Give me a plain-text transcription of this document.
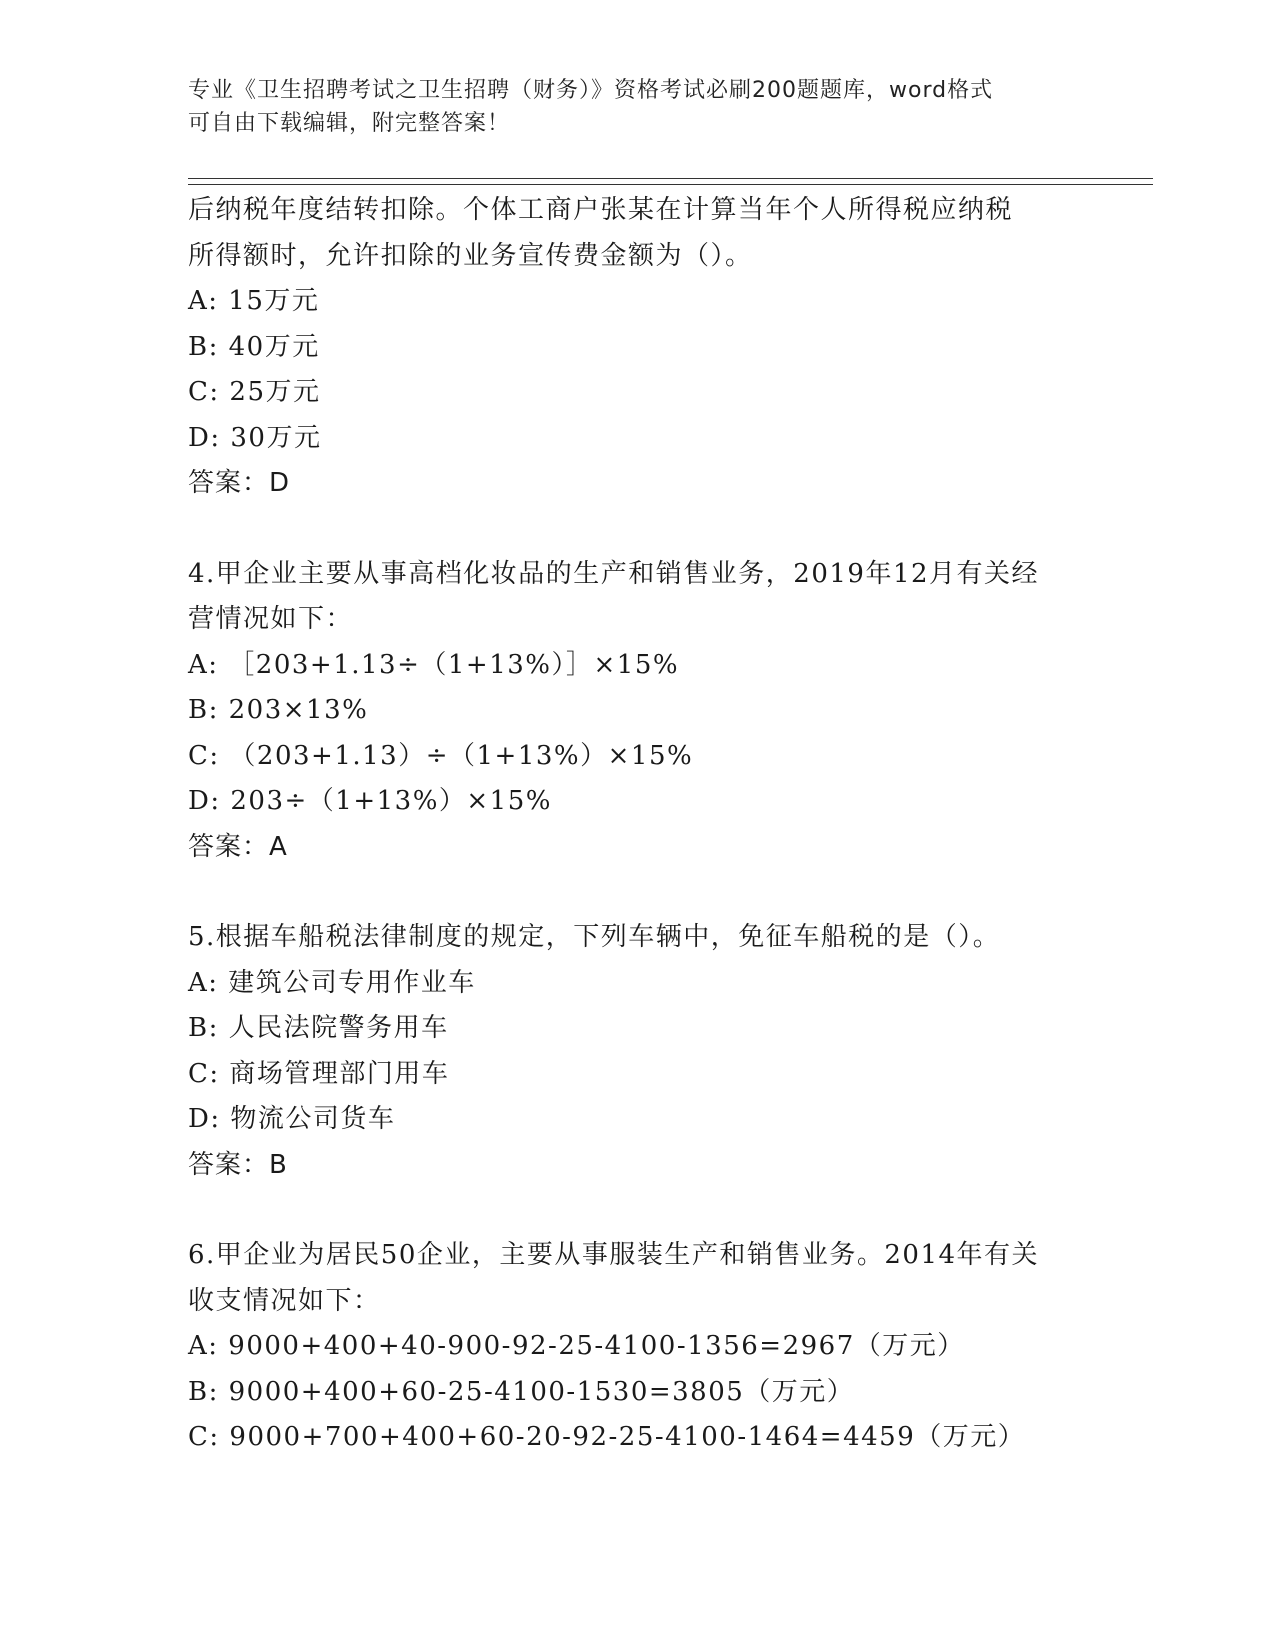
专业《卫生招聘考试之卫生招聘（财务）》资格考试必刷200题题库，word格式
可自由下载编辑，附完整答案！
后纳税年度结转扣除。个体工商户张某在计算当年个人所得税应纳税
所得额时，允许扣除的业务宣传费金额为（）。
A: 15万元
B: 40万元
C: 25万元
D: 30万元
答案：D
4.甲企业主要从事高档化妆品的生产和销售业务，2019年12月有关经
营情况如下：
A: ［203+1.13÷（1+13%）］×15%
B: 203×13%
C: （203+1.13）÷（1+13%）×15%
D: 203÷（1+13%）×15%
答案：A
5.根据车船税法律制度的规定，下列车辆中，免征车船税的是（）。
A: 建筑公司专用作业车
B: 人民法院警务用车
C: 商场管理部门用车
D: 物流公司货车
答案：B
6.甲企业为居民50企业，主要从事服装生产和销售业务。2014年有关
收支情况如下：
A: 9000+400+40-900-92-25-4100-1356=2967（万元）
B: 9000+400+60-25-4100-1530=3805（万元）
C: 9000+700+400+60-20-92-25-4100-1464=4459（万元）
